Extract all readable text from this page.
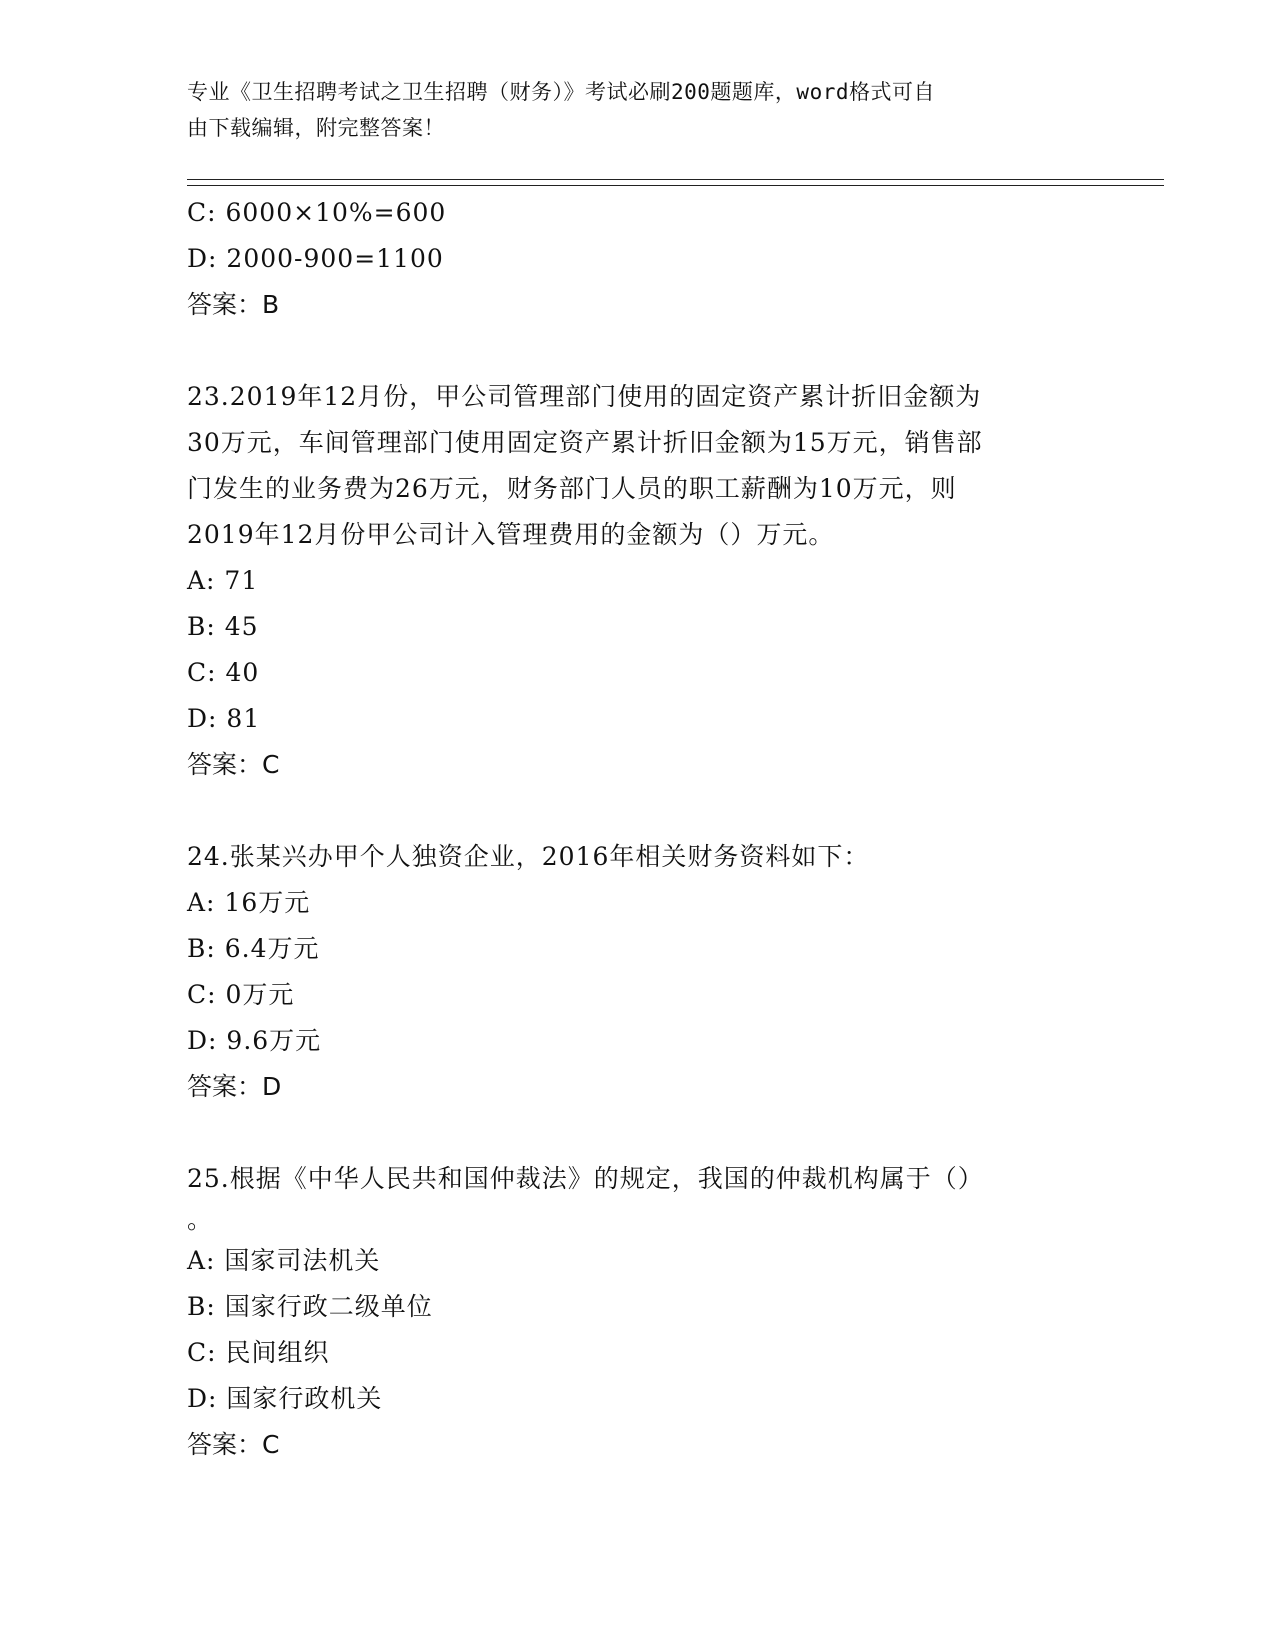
专业《卫生招聘考试之卫生招聘（财务）》考试必刷200题题库，word格式可自
由下载编辑，附完整答案！
C: 6000×10%=600
D: 2000-900=1100
答案：B
23.2019年12月份，甲公司管理部门使用的固定资产累计折旧金额为
30万元，车间管理部门使用固定资产累计折旧金额为15万元，销售部
门发生的业务费为26万元，财务部门人员的职工薪酬为10万元，则
2019年12月份甲公司计入管理费用的金额为（）万元。
A: 71
B: 45
C: 40
D: 81
答案：C
24.张某兴办甲个人独资企业，2016年相关财务资料如下：
A: 16万元
B: 6.4万元
C: 0万元
D: 9.6万元
答案：D
25.根据《中华人民共和国仲裁法》的规定，我国的仲裁机构属于（）
。
A: 国家司法机关
B: 国家行政二级单位
C: 民间组织
D: 国家行政机关
答案：C
